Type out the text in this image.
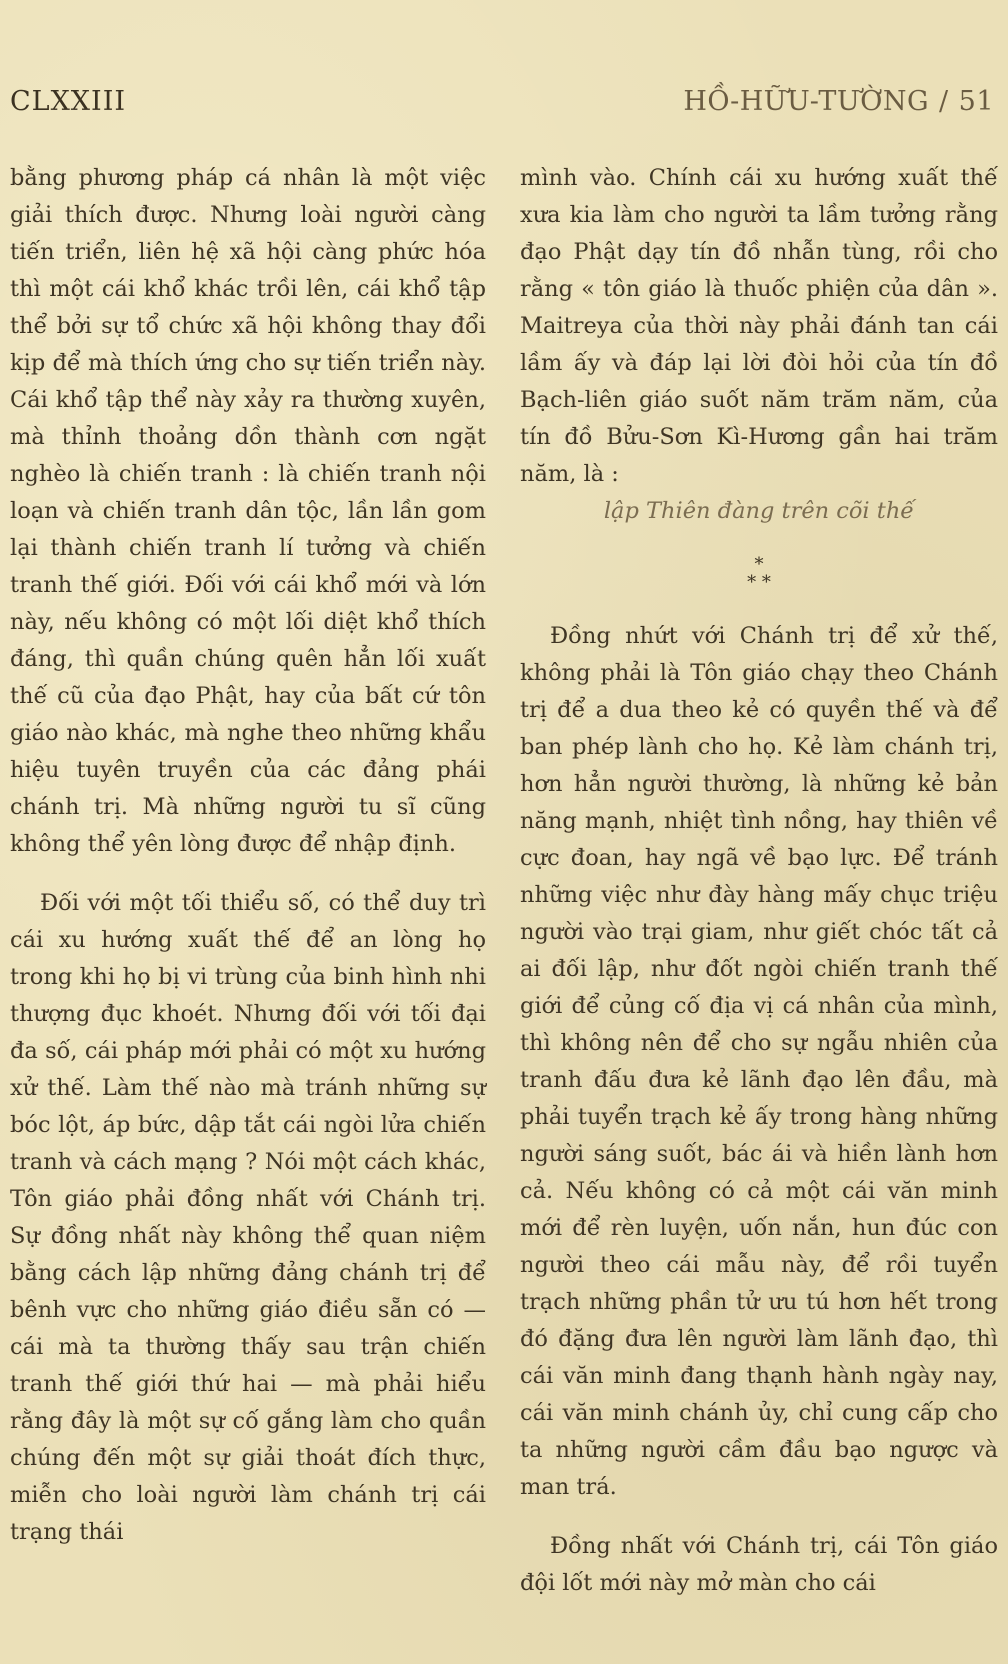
CLXXIII	HỒ-HỮU-TƯỜNG / 51

bằng phương pháp cá nhân là một việc giải thích được. Nhưng loài người càng tiến triển, liên hệ xã hội càng phức hóa thì một cái khổ khác trồi lên, cái khổ tập thể bởi sự tổ chức xã hội không thay đổi kịp để mà thích ứng cho sự tiến triển này. Cái khổ tập thể này xảy ra thường xuyên, mà thỉnh thoảng dồn thành cơn ngặt nghèo là chiến tranh : là chiến tranh nội loạn và chiến tranh dân tộc, lần lần gom lại thành chiến tranh lí tưởng và chiến tranh thế giới. Đối với cái khổ mới và lớn này, nếu không có một lối diệt khổ thích đáng, thì quần chúng quên hẳn lối xuất thế cũ của đạo Phật, hay của bất cứ tôn giáo nào khác, mà nghe theo những khẩu hiệu tuyên truyền của các đảng phái chánh trị. Mà những người tu sĩ cũng không thể yên lòng được để nhập định.

Đối với một tối thiểu số, có thể duy trì cái xu hướng xuất thế để an lòng họ trong khi họ bị vi trùng của binh hình nhi thượng đục khoét. Nhưng đối với tối đại đa số, cái pháp mới phải có một xu hướng xử thế. Làm thế nào mà tránh những sự bóc lột, áp bức, dập tắt cái ngòi lửa chiến tranh và cách mạng ? Nói một cách khác, Tôn giáo phải đồng nhất với Chánh trị. Sự đồng nhất này không thể quan niệm bằng cách lập những đảng chánh trị để bênh vực cho những giáo điều sẵn có — cái mà ta thường thấy sau trận chiến tranh thế giới thứ hai — mà phải hiểu rằng đây là một sự cố gắng làm cho quần chúng đến một sự giải thoát đích thực, miễn cho loài người làm chánh trị cái trạng thái

mình vào. Chính cái xu hướng xuất thế xưa kia làm cho người ta lầm tưởng rằng đạo Phật dạy tín đồ nhẫn tùng, rồi cho rằng « tôn giáo là thuốc phiện của dân ». Maitreya của thời này phải đánh tan cái lầm ấy và đáp lại lời đòi hỏi của tín đồ Bạch-liên giáo suốt năm trăm năm, của tín đồ Bửu-Sơn Kì-Hương gần hai trăm năm, là :

lập Thiên đàng trên cõi thế

*
* *

Đồng nhứt với Chánh trị để xử thế, không phải là Tôn giáo chạy theo Chánh trị để a dua theo kẻ có quyền thế và để ban phép lành cho họ. Kẻ làm chánh trị, hơn hẳn người thường, là những kẻ bản năng mạnh, nhiệt tình nồng, hay thiên về cực đoan, hay ngã về bạo lực. Để tránh những việc như đày hàng mấy chục triệu người vào trại giam, như giết chóc tất cả ai đối lập, như đốt ngòi chiến tranh thế giới để củng cố địa vị cá nhân của mình, thì không nên để cho sự ngẫu nhiên của tranh đấu đưa kẻ lãnh đạo lên đầu, mà phải tuyển trạch kẻ ấy trong hàng những người sáng suốt, bác ái và hiền lành hơn cả. Nếu không có cả một cái văn minh mới để rèn luyện, uốn nắn, hun đúc con người theo cái mẫu này, để rồi tuyển trạch những phần tử ưu tú hơn hết trong đó đặng đưa lên người làm lãnh đạo, thì cái văn minh đang thạnh hành ngày nay, cái văn minh chánh ủy, chỉ cung cấp cho ta những người cầm đầu bạo ngược và man trá.

Đồng nhất với Chánh trị, cái Tôn giáo đội lốt mới này mở màn cho cái
